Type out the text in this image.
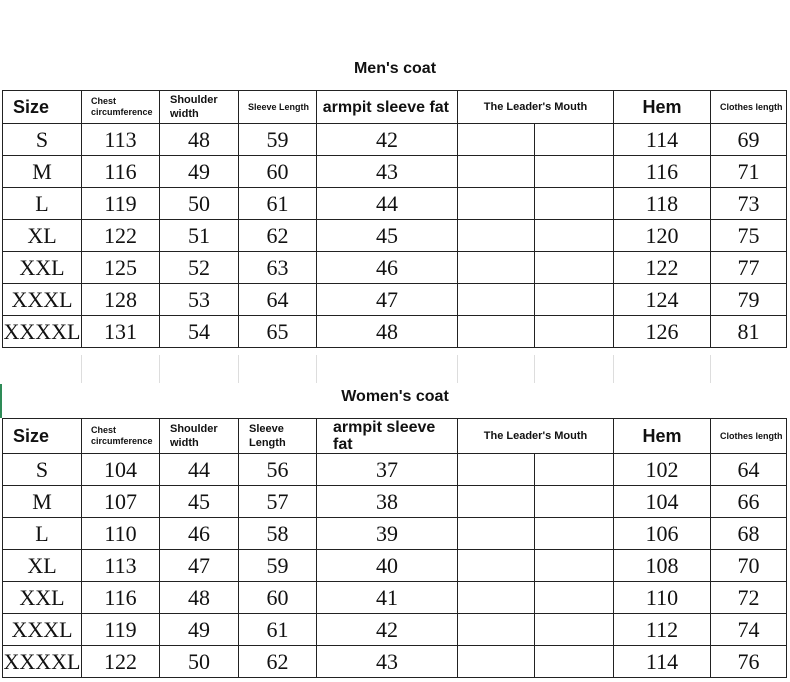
Size	Chest circumference	Shoulder width	Sleeve Length	armpit sleeve fat	The Leader's Mouth		Hem	Clothes length
S	113	48	59	42			114	69
M	116	49	60	43			116	71
L	119	50	61	44			118	73
XL	122	51	62	45			120	75
XXL	125	52	63	46			122	77
XXXL	128	53	64	47			124	79
XXXXL	131	54	65	48			126	81
Men's coat
Size	Chest circumference	Shoulder width	Sleeve Length	armpit sleeve fat	The Leader's Mouth		Hem	Clothes length
S	104	44	56	37			102	64
M	107	45	57	38			104	66
L	110	46	58	39			106	68
XL	113	47	59	40			108	70
XXL	116	48	60	41			110	72
XXXL	119	49	61	42			112	74
XXXXL	122	50	62	43			114	76
Women's coat
